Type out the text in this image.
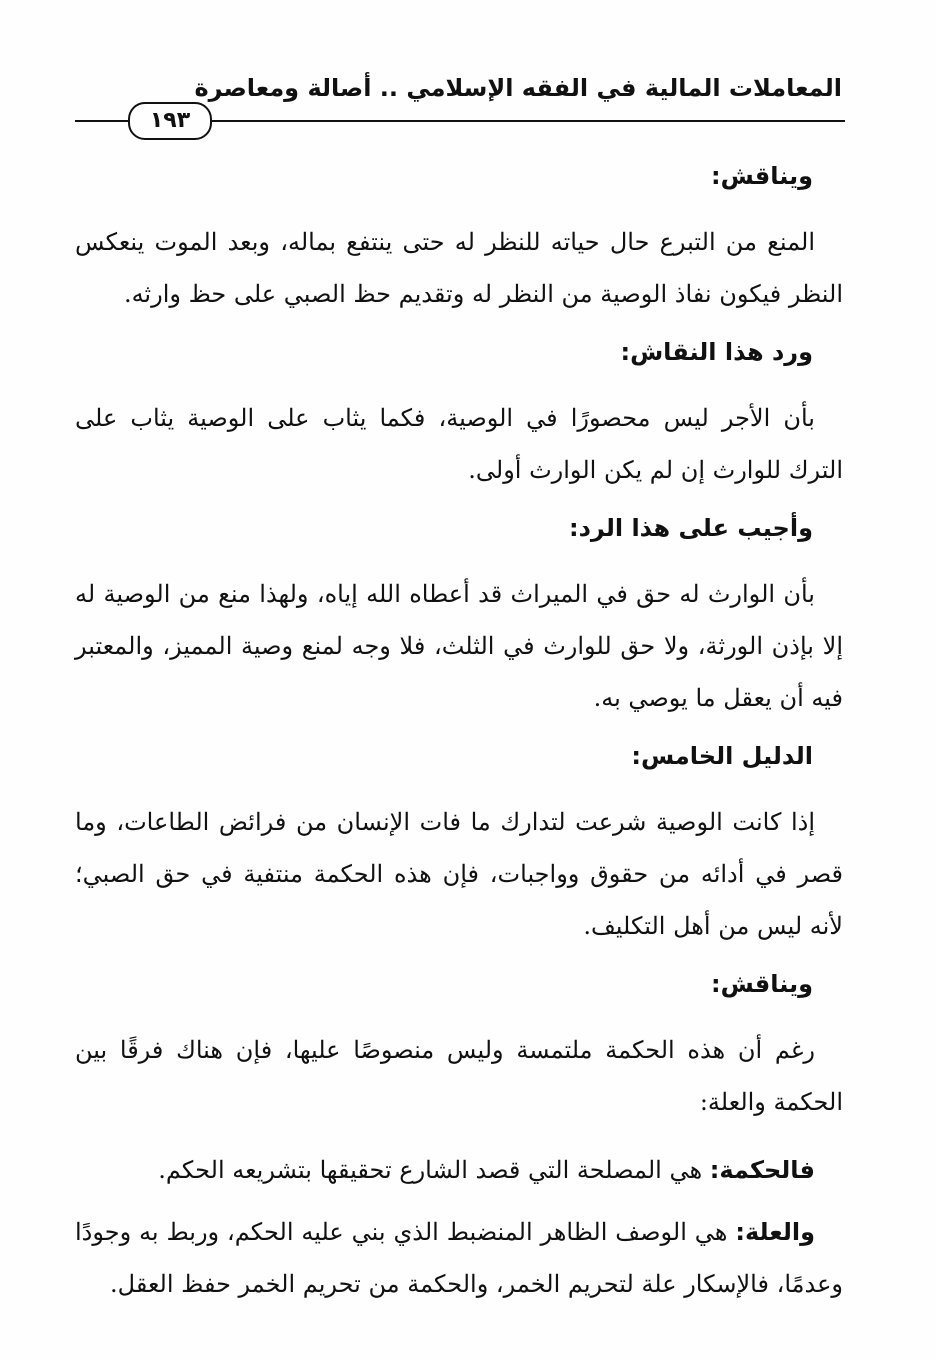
المعاملات المالية في الفقه الإسلامي .. أصالة ومعاصرة
١٩٣
ويناقش:
المنع من التبرع حال حياته للنظر له حتى ينتفع بماله، وبعد الموت ينعكس النظر فيكون نفاذ الوصية من النظر له وتقديم حظ الصبي على حظ وارثه.
ورد هذا النقاش:
بأن الأجر ليس محصورًا في الوصية، فكما يثاب على الوصية يثاب على الترك للوارث إن لم يكن الوارث أولى.
وأجيب على هذا الرد:
بأن الوارث له حق في الميراث قد أعطاه الله إياه، ولهذا منع من الوصية له إلا بإذن الورثة، ولا حق للوارث في الثلث، فلا وجه لمنع وصية المميز، والمعتبر فيه أن يعقل ما يوصي به.
الدليل الخامس:
إذا كانت الوصية شرعت لتدارك ما فات الإنسان من فرائض الطاعات، وما قصر في أدائه من حقوق وواجبات، فإن هذه الحكمة منتفية في حق الصبي؛ لأنه ليس من أهل التكليف.
ويناقش:
رغم أن هذه الحكمة ملتمسة وليس منصوصًا عليها، فإن هناك فرقًا بين الحكمة والعلة:
فالحكمة: هي المصلحة التي قصد الشارع تحقيقها بتشريعه الحكم.
والعلة: هي الوصف الظاهر المنضبط الذي بني عليه الحكم، وربط به وجودًا وعدمًا، فالإسكار علة لتحريم الخمر، والحكمة من تحريم الخمر حفظ العقل.
